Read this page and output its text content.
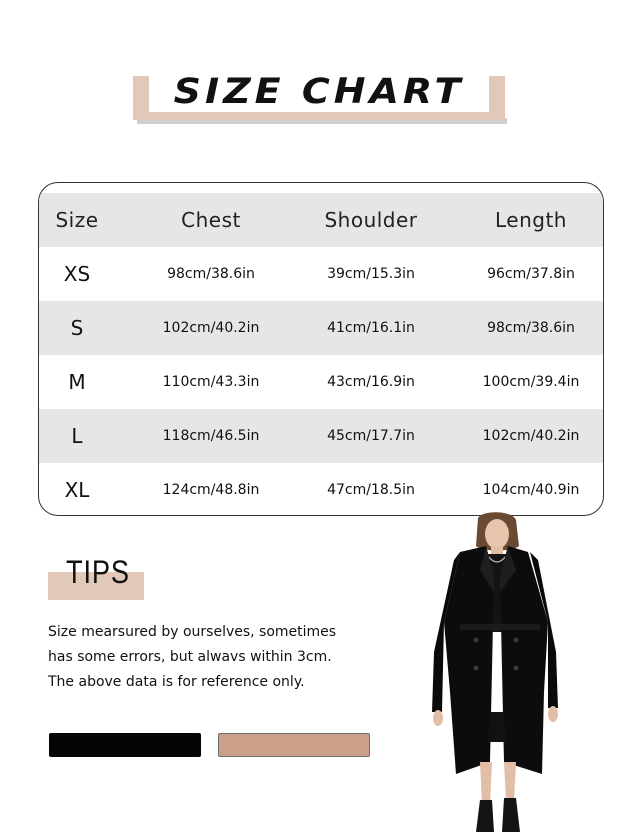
SIZE CHART
Size	Chest	Shoulder	Length
XS	98cm/38.6in	39cm/15.3in	96cm/37.8in
S	102cm/40.2in	41cm/16.1in	98cm/38.6in
M	110cm/43.3in	43cm/16.9in	100cm/39.4in
L	118cm/46.5in	45cm/17.7in	102cm/40.2in
XL	124cm/48.8in	47cm/18.5in	104cm/40.9in
TIPS
Size mearsured by ourselves, sometimes
has some errors, but alwavs within 3cm.
The above data is for reference only.
